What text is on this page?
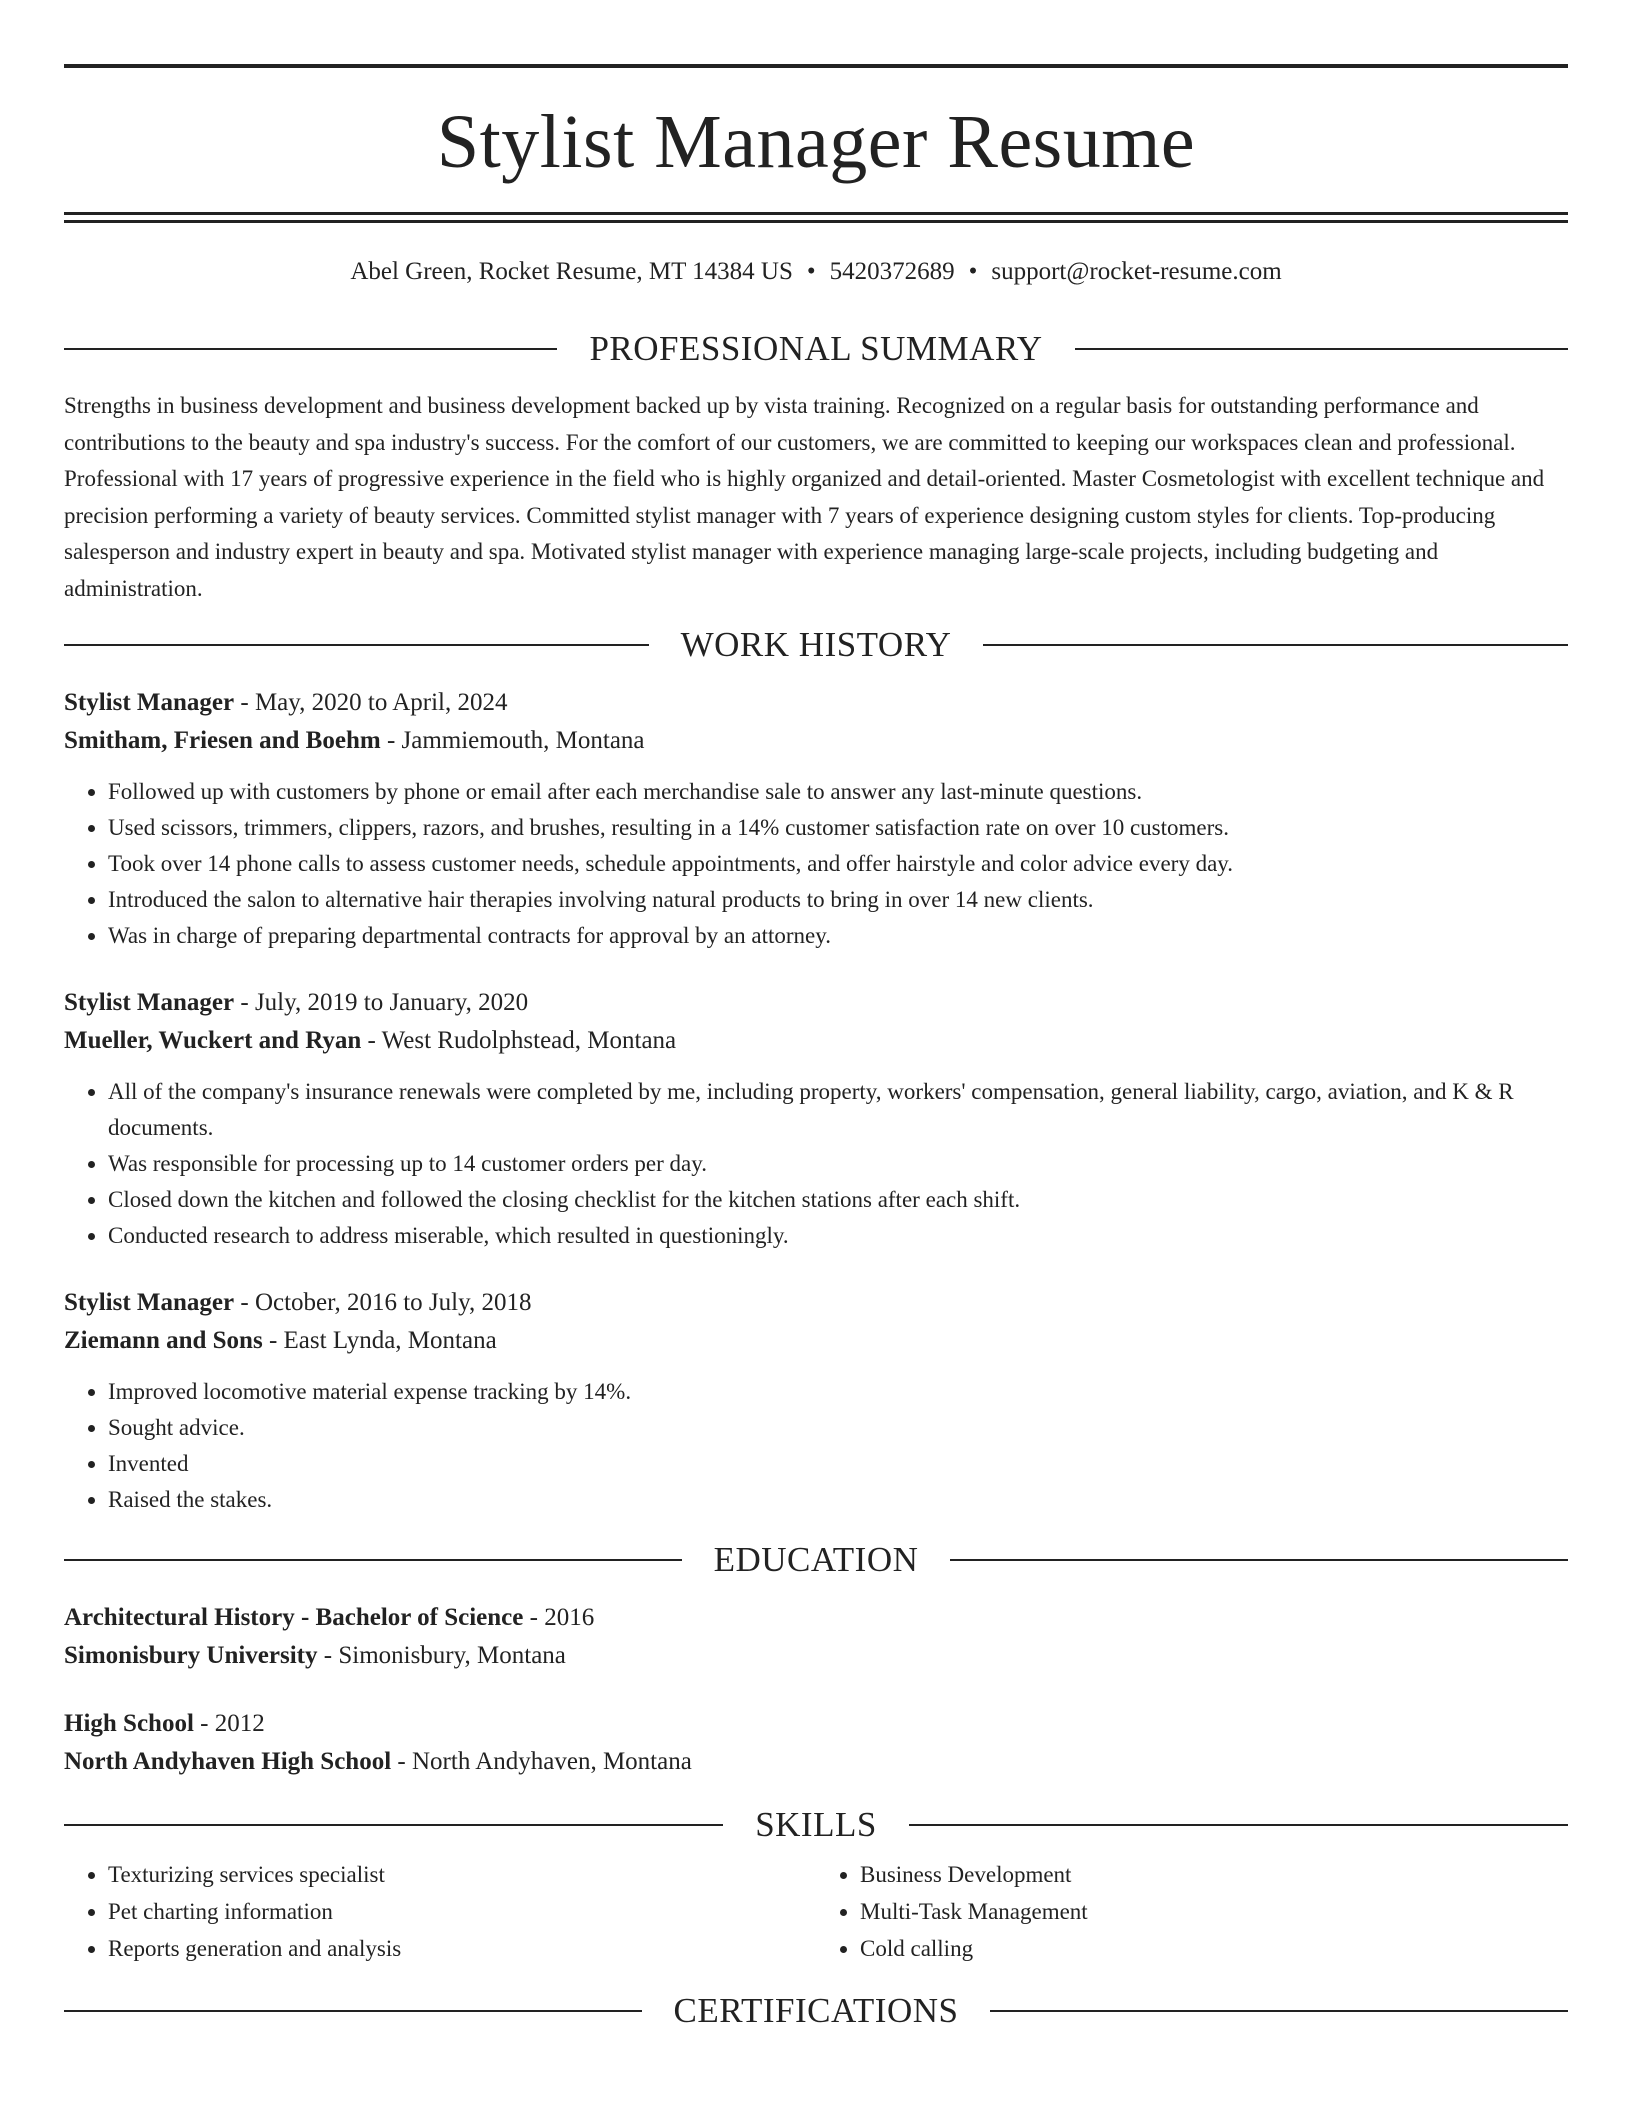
Stylist Manager Resume
Abel Green, Rocket Resume, MT 14384 US • 5420372689 • support@rocket-resume.com
PROFESSIONAL SUMMARY

Strengths in business development and business development backed up by vista training. Recognized on a regular basis for outstanding performance and contributions to the beauty and spa industry's success. For the comfort of our customers, we are committed to keeping our workspaces clean and professional. Professional with 17 years of progressive experience in the field who is highly organized and detail-oriented. Master Cosmetologist with excellent technique and precision performing a variety of beauty services. Committed stylist manager with 7 years of experience designing custom styles for clients. Top-producing salesperson and industry expert in beauty and spa. Motivated stylist manager with experience managing large-scale projects, including budgeting and administration.

WORK HISTORY
Stylist Manager - May, 2020 to April, 2024
Smitham, Friesen and Boehm - Jammiemouth, Montana
• Followed up with customers by phone or email after each merchandise sale to answer any last-minute questions.
• Used scissors, trimmers, clippers, razors, and brushes, resulting in a 14% customer satisfaction rate on over 10 customers.
• Took over 14 phone calls to assess customer needs, schedule appointments, and offer hairstyle and color advice every day.
• Introduced the salon to alternative hair therapies involving natural products to bring in over 14 new clients.
• Was in charge of preparing departmental contracts for approval by an attorney.
Stylist Manager - July, 2019 to January, 2020
Mueller, Wuckert and Ryan - West Rudolphstead, Montana
• All of the company's insurance renewals were completed by me, including property, workers' compensation, general liability, cargo, aviation, and K & R documents.
• Was responsible for processing up to 14 customer orders per day.
• Closed down the kitchen and followed the closing checklist for the kitchen stations after each shift.
• Conducted research to address miserable, which resulted in questioningly.
Stylist Manager - October, 2016 to July, 2018
Ziemann and Sons - East Lynda, Montana
• Improved locomotive material expense tracking by 14%.
• Sought advice.
• Invented
• Raised the stakes.
EDUCATION
Architectural History - Bachelor of Science - 2016
Simonisbury University - Simonisbury, Montana
High School - 2012
North Andyhaven High School - North Andyhaven, Montana
SKILLS
• Texturizing services specialist
• Pet charting information
• Reports generation and analysis
• Business Development
• Multi-Task Management
• Cold calling
CERTIFICATIONS
